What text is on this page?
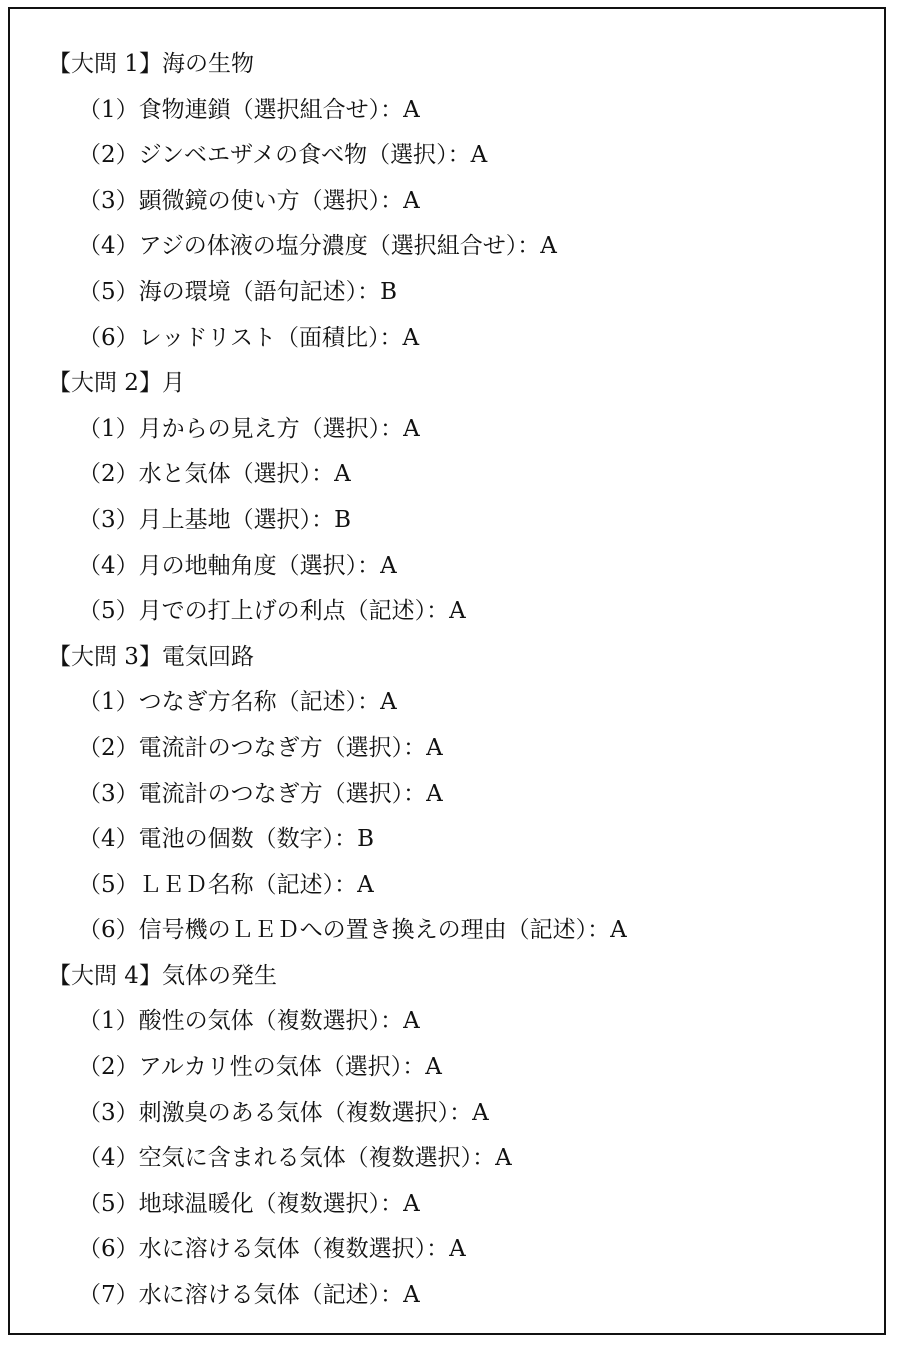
【大問 1】海の生物
（1）食物連鎖（選択組合せ）：A
（2）ジンベエザメの食べ物（選択）：A
（3）顕微鏡の使い方（選択）：A
（4）アジの体液の塩分濃度（選択組合せ）：A
（5）海の環境（語句記述）：B
（6）レッドリスト（面積比）：A
【大問 2】月
（1）月からの見え方（選択）：A
（2）水と気体（選択）：A
（3）月上基地（選択）：B
（4）月の地軸角度（選択）：A
（5）月での打上げの利点（記述）：A
【大問 3】電気回路
（1）つなぎ方名称（記述）：A
（2）電流計のつなぎ方（選択）：A
（3）電流計のつなぎ方（選択）：A
（4）電池の個数（数字）：B
（5）ＬＥＤ名称（記述）：A
（6）信号機のＬＥＤへの置き換えの理由（記述）：A
【大問 4】気体の発生
（1）酸性の気体（複数選択）：A
（2）アルカリ性の気体（選択）：A
（3）刺激臭のある気体（複数選択）：A
（4）空気に含まれる気体（複数選択）：A
（5）地球温暖化（複数選択）：A
（6）水に溶ける気体（複数選択）：A
（7）水に溶ける気体（記述）：A
